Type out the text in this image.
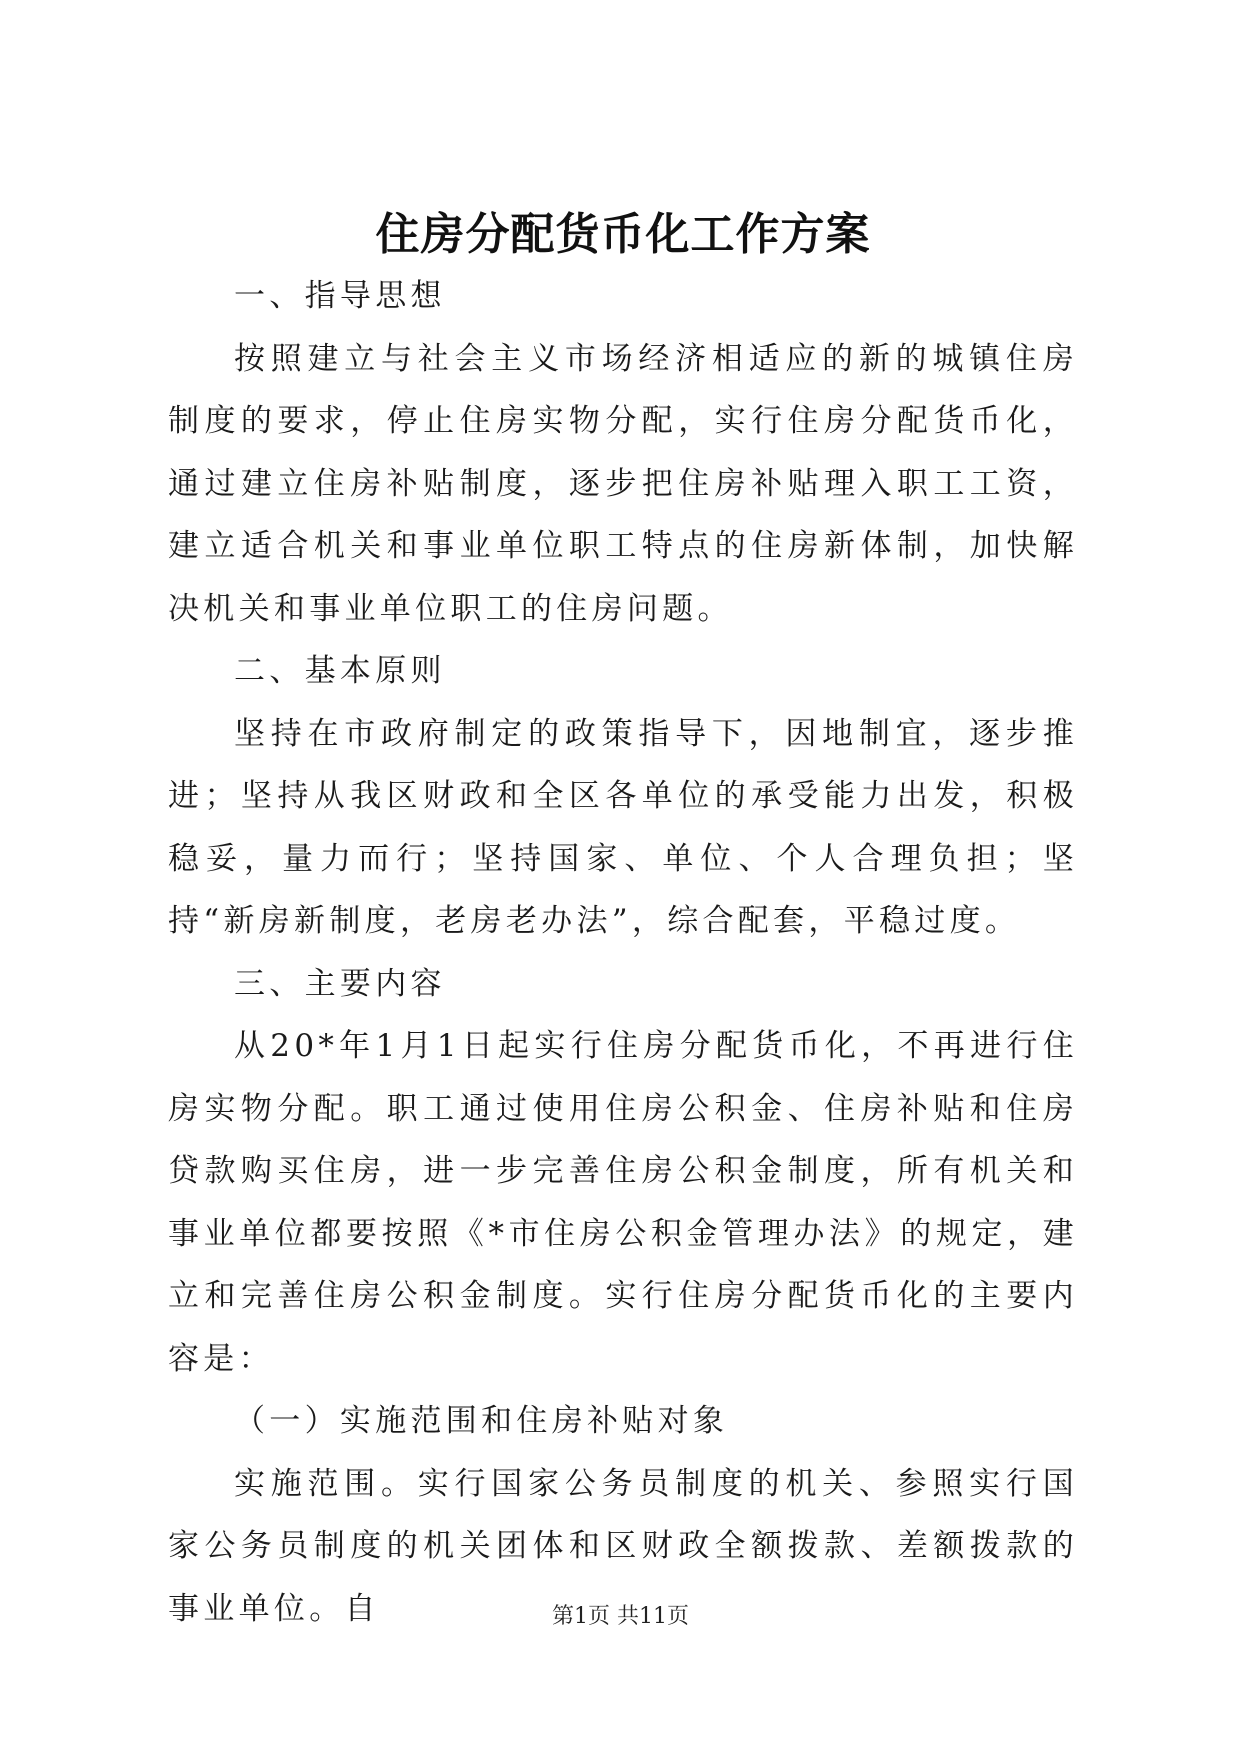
住房分配货币化工作方案

一、指导思想

按照建立与社会主义市场经济相适应的新的城镇住房制度的要求，停止住房实物分配，实行住房分配货币化，通过建立住房补贴制度，逐步把住房补贴理入职工工资，建立适合机关和事业单位职工特点的住房新体制，加快解决机关和事业单位职工的住房问题。

二、基本原则

坚持在市政府制定的政策指导下，因地制宜，逐步推进；坚持从我区财政和全区各单位的承受能力出发，积极稳妥，量力而行；坚持国家、单位、个人合理负担；坚持“新房新制度，老房老办法”，综合配套，平稳过度。

三、主要内容

从20*年1月1日起实行住房分配货币化，不再进行住房实物分配。职工通过使用住房公积金、住房补贴和住房贷款购买住房，进一步完善住房公积金制度，所有机关和事业单位都要按照《*市住房公积金管理办法》的规定，建立和完善住房公积金制度。实行住房分配货币化的主要内容是：

（一）实施范围和住房补贴对象

实施范围。实行国家公务员制度的机关、参照实行国家公务员制度的机关团体和区财政全额拨款、差额拨款的事业单位。自	第1页 共11页
